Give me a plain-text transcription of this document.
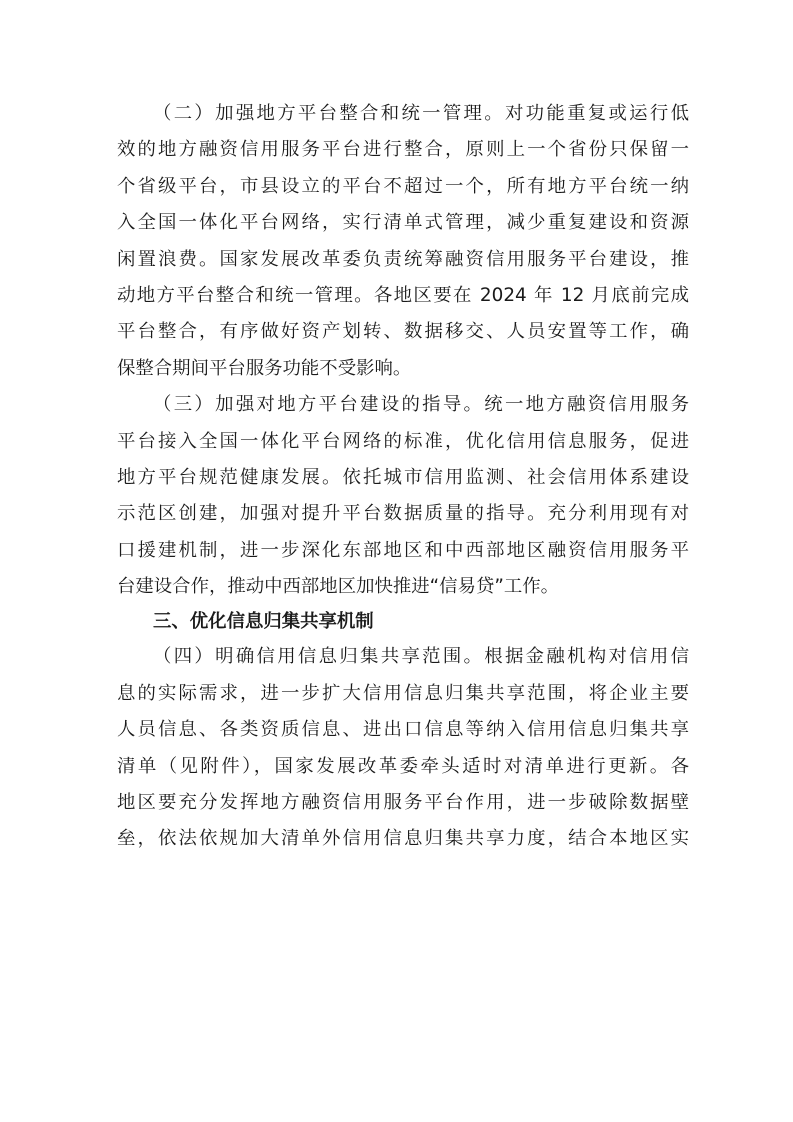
（二）加强地方平台整合和统一管理。对功能重复或运行低
效的地方融资信用服务平台进行整合，原则上一个省份只保留一
个省级平台，市县设立的平台不超过一个，所有地方平台统一纳
入全国一体化平台网络，实行清单式管理，减少重复建设和资源
闲置浪费。国家发展改革委负责统筹融资信用服务平台建设，推
动地方平台整合和统一管理。各地区要在 2024 年 12 月底前完成
平台整合，有序做好资产划转、数据移交、人员安置等工作，确
保整合期间平台服务功能不受影响。
（三）加强对地方平台建设的指导。统一地方融资信用服务
平台接入全国一体化平台网络的标准，优化信用信息服务，促进
地方平台规范健康发展。依托城市信用监测、社会信用体系建设
示范区创建，加强对提升平台数据质量的指导。充分利用现有对
口援建机制，进一步深化东部地区和中西部地区融资信用服务平
台建设合作，推动中西部地区加快推进“信易贷”工作。
三、优化信息归集共享机制
（四）明确信用信息归集共享范围。根据金融机构对信用信
息的实际需求，进一步扩大信用信息归集共享范围，将企业主要
人员信息、各类资质信息、进出口信息等纳入信用信息归集共享
清单（见附件），国家发展改革委牵头适时对清单进行更新。各
地区要充分发挥地方融资信用服务平台作用，进一步破除数据壁
垒，依法依规加大清单外信用信息归集共享力度，结合本地区实
